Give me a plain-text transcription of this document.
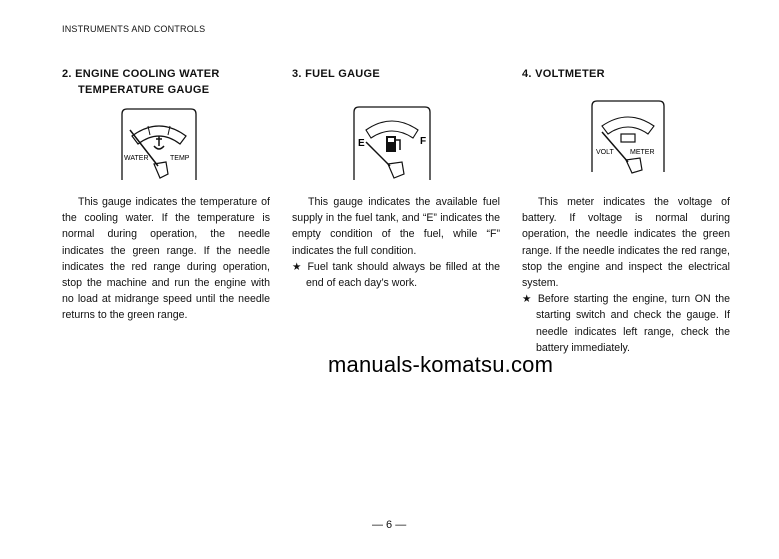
INSTRUMENTS AND CONTROLS
2. ENGINE COOLING WATER
TEMPERATURE GAUGE
WATER	TEMP

This gauge indicates the temperature of the cooling water. If the temperature is normal during operation, the needle indicates the green range. If the needle indicates the red range during operation, stop the machine and run the engine with no load at midrange speed until the needle returns to the green range.

3. FUEL GAUGE
E	F

This gauge indicates the available fuel supply in the fuel tank, and “E” indicates the empty condition of the fuel, while “F” indicates the full condition.

★ Fuel tank should always be filled at the end of each day’s work.

4. VOLTMETER
VOLT METER

This meter indicates the voltage of battery. If voltage is normal during operation, the needle indicates the green range. If the needle indicates the red range, stop the engine and inspect the electrical system.

★ Before starting the engine, turn ON the starting switch and check the gauge. If needle indicates left range, check the battery immediately.

manuals-komatsu.com
— 6 —
